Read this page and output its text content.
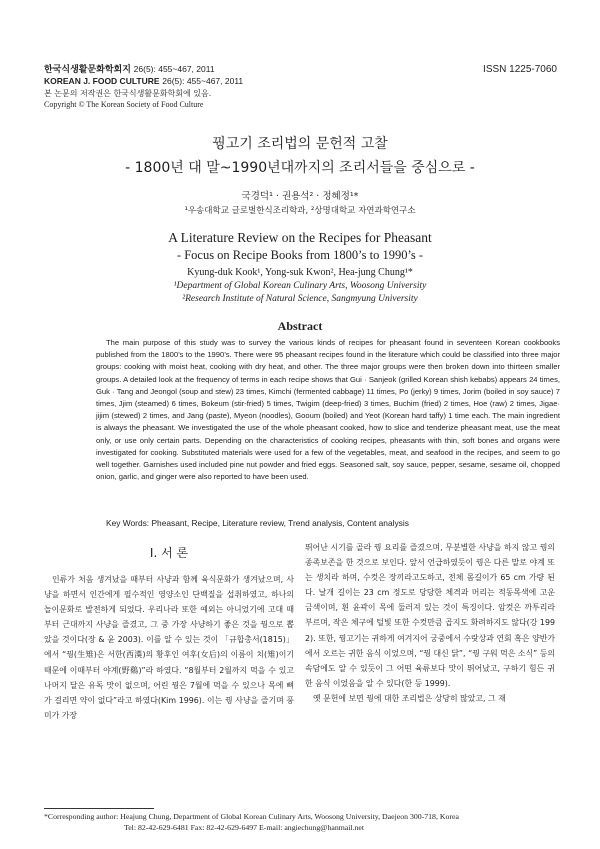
한국식생활문화학회지 26(5): 455~467, 2011
KOREAN J. FOOD CULTURE 26(5): 455~467, 2011
본 논문의 저작권은 한국식생활문화학회에 있음.
Copyright © The Korean Society of Food Culture
ISSN 1225-7060
꿩고기 조리법의 문헌적 고찰
- 1800년 대 말~1990년대까지의 조리서들을 중심으로 -
국경덕¹ · 권용석² · 정혜정¹*
¹우송대학교 글로벌한식조리학과, ²상명대학교 자연과학연구소
A Literature Review on the Recipes for Pheasant
- Focus on Recipe Books from 1800’s to 1990’s -
Kyung-duk Kook¹, Yong-suk Kwon², Hea-jung Chung¹*
¹Department of Global Korean Culinary Arts, Woosong University
²Research Institute of Natural Science, Sangmyung University
Abstract

The main purpose of this study was to survey the various kinds of recipes for pheasant found in seventeen Korean cookbooks published from the 1800’s to the 1990’s. There were 95 pheasant recipes found in the literature which could be classified into three major groups: cooking with moist heat, cooking with dry heat, and other. The three major groups were then broken down into thirteen smaller groups. A detailed look at the frequency of terms in each recipe shows that Gui · Sanjeok (grilled Korean shish kebabs) appears 24 times, Guk · Tang and Jeongol (soup and stew) 23 times, Kimchi (fermented cabbage) 11 times, Po (jerky) 9 times, Jorim (boiled in soy sauce) 7 times, Jjim (steamed) 6 times, Bokeum (stir-fried) 5 times, Twigim (deep-fried) 3 times, Buchim (fried) 2 times, Hoe (raw) 2 times, Jigae· jijim (stewed) 2 times, and Jang (paste), Myeon (noodles), Gooum (boiled) and Yeot (Korean hard taffy) 1 time each. The main ingredient is always the pheasant. We investigated the use of the whole pheasant cooked, how to slice and tenderize pheasant meat, use the meat only, or use only certain parts. Depending on the characteristics of cooking recipes, pheasants with thin, soft bones and organs were investigated for cooking. Substituted materials were used for a few of the vegetables, meat, and seafood in the recipes, and seem to go well together. Garnishes used included pine nut powder and fried eggs. Seasoned salt, soy sauce, pepper, sesame, sesame oil, chopped onion, garlic, and ginger were also reported to have been used.

Key Words: Pheasant, Recipe, Literature review, Trend analysis, Content analysis
I. 서 론

인류가 처음 생겨났을 때부터 사냥과 함께 육식문화가 생겨났으며, 사냥을 하면서 인간에게 필수적인 영양소인 단백질을 섭취하였고, 하나의 놀이문화로 발전하게 되었다. 우리나라 또한 예외는 아니었기에 고대 때부터 근대까지 사냥을 즐겼고, 그 중 가장 사냥하기 좋은 것을 꿩으로 뽑았을 것이다(장 & 윤 2003). 이를 알 수 있는 것이 「규합총서(1815)」 에서 “꿩(生雉)은 서한(西漢)의 황후인 여후(女后)의 이름이 치(雉)이기 때문에 이때부터 야계(野鷄)”라 하였다. “8월부터 2월까지 먹을 수 있고 나머지 달은 유독 맛이 없으며, 어린 꿩은 7월에 먹을 수 있으나 목에 뼈가 걸리면 약이 없다”라고 하였다(Kim 1996). 이는 꿩 사냥을 즐기며 풍미가 가장

뛰어난 시기를 골라 꿩 요리를 즐겼으며, 무분별한 사냥을 하지 않고 꿩의 종족보존을 한 것으로 보인다. 앞서 언급하였듯이 꿩은 다른 말로 야계 또는 생치라 하며, 수컷은 장끼라고도하고, 전체 몸길이가 65 cm 가량 된다. 날개 길이는 23 cm 정도로 당당한 체격과 머리는 적동목색에 고운 금색이며, 흰 윤곽이 목에 둘러져 있는 것이 특징이다. 암컷은 까투리라 부르며, 작은 체구에 털빛 또한 수컷만큼 곱지도 화려하지도 않다(강 1992). 또한, 꿩고기는 귀하게 여겨지어 궁중에서 수랏상과 연회 혹은 양반가에서 오르는 귀한 음식 이었으며, “꿩 대신 닭”, “꿩 구워 먹은 소식” 등의 속담에도 알 수 있듯이 그 어떤 육류보다 맛이 뛰어났고, 구하기 힘든 귀한 음식 이었음을 알 수 있다(한 등 1999).

옛 문헌에 보면 꿩에 대한 조리법은 상당히 많았고, 그 재

*Corresponding author: Heajung Chung, Department of Global Korean Culinary Arts, Woosong University, Daejeon 300-718, Korea
Tel: 82-42-629-6481 Fax: 82-42-629-6497 E-mail: angiechung@hanmail.net
